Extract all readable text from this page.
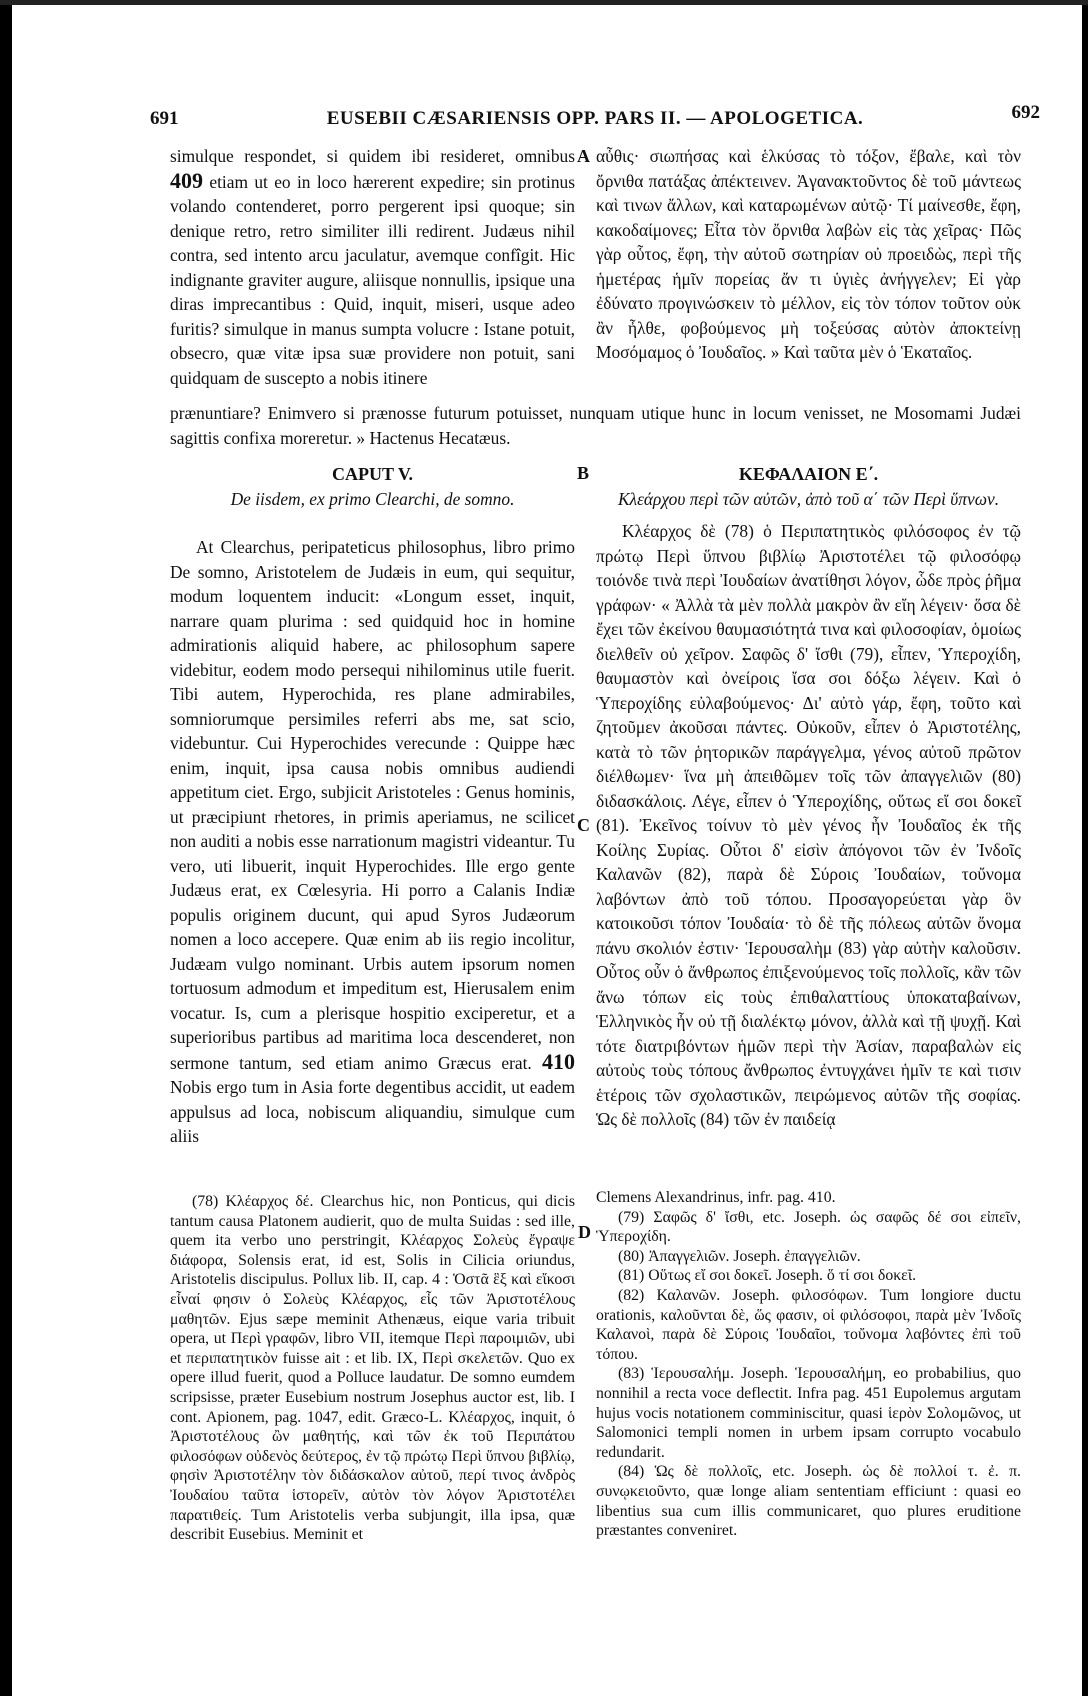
691	EUSEBII CÆSARIENSIS OPP. PARS II. — APOLOGETICA.	692
A
B
C
D

simulque respondet, si quidem ibi resideret, omnibus 409 etiam ut eo in loco hærerent expedire; sin protinus volando contenderet, porro pergerent ipsi quoque; sin denique retro, retro similiter illi redirent. Judæus nihil contra, sed intento arcu jaculatur, avemque confîgit. Hic indignante graviter augure, aliisque nonnullis, ipsique una diras imprecantibus : Quid, inquit, miseri, usque adeo furitis? simulque in manus sumpta volucre : Istane potuit, obsecro, quæ vitæ ipsa suæ providere non potuit, sani quidquam de suscepto a nobis itinere

αὖθις· σιωπήσας καὶ ἑλκύσας τὸ τόξον, ἔβαλε, καὶ τὸν ὄρνιθα πατάξας ἀπέκτεινεν. Ἀγανακτοῦντος δὲ τοῦ μάντεως καὶ τινων ἄλλων, καὶ καταρωμένων αὐτῷ· Τί μαίνεσθε, ἔφη, κακοδαίμονες; Εἶτα τὸν ὄρνιθα λαβὼν εἰς τὰς χεῖρας· Πῶς γὰρ οὗτος, ἔφη, τὴν αὐτοῦ σωτηρίαν οὐ προειδὼς, περὶ τῆς ἡμετέρας ἡμῖν πορείας ἄν τι ὑγιὲς ἀνήγγελεν; Εἰ γὰρ ἐδύνατο προγινώσκειν τὸ μέλλον, εἰς τὸν τόπον τοῦτον οὐκ ἂν ἦλθε, φοβούμενος μὴ τοξεύσας αὐτὸν ἀποκτείνῃ Μοσόμαμος ὁ Ἰουδαῖος. » Καὶ ταῦτα μὲν ὁ Ἑκαταῖος.

prænuntiare? Enimvero si prænosse futurum potuisset, nunquam utique hunc in locum venisset, ne Mosomami Judæi sagittis confixa moreretur. » Hactenus Hecatæus.

CAPUT V.

De iisdem, ex primo Clearchi, de somno.

At Clearchus, peripateticus philosophus, libro primo De somno, Aristotelem de Judæis in eum, qui sequitur, modum loquentem inducit: «Longum esset, inquit, narrare quam plurima : sed quidquid hoc in homine admirationis aliquid habere, ac philosophum sapere videbitur, eodem modo persequi nihilominus utile fuerit. Tibi autem, Hyperochida, res plane admirabiles, somniorumque persimiles referri abs me, sat scio, videbuntur. Cui Hyperochides verecunde : Quippe hæc enim, inquit, ipsa causa nobis omnibus audiendi appetitum ciet. Ergo, subjicit Aristoteles : Genus hominis, ut præcipiunt rhetores, in primis aperiamus, ne scilicet non auditi a nobis esse narrationum magistri videantur. Tu vero, uti libuerit, inquit Hyperochides. Ille ergo gente Judæus erat, ex Cœlesyria. Hi porro a Calanis Indiæ populis originem ducunt, qui apud Syros Judæorum nomen a loco accepere. Quæ enim ab iis regio incolitur, Judæam vulgo nominant. Urbis autem ipsorum nomen tortuosum admodum et impeditum est, Hierusalem enim vocatur. Is, cum a plerisque hospitio exciperetur, et a superioribus partibus ad maritima loca descenderet, non sermone tantum, sed etiam animo Græcus erat. 410 Nobis ergo tum in Asia forte degentibus accidit, ut eadem appulsus ad loca, nobiscum aliquandiu, simulque cum aliis

ΚΕΦΑΛΑΙΟΝ Ε΄.

Κλεάρχου περὶ τῶν αὐτῶν, ἀπὸ τοῦ α΄ τῶν Περὶ ὕπνων.

Κλέαρχος δὲ (78) ὁ Περιπατητικὸς φιλόσοφος ἐν τῷ πρώτῳ Περὶ ὕπνου βιβλίῳ Ἀριστοτέλει τῷ φιλοσόφῳ τοιόνδε τινὰ περὶ Ἰουδαίων ἀνατίθησι λόγον, ὧδε πρὸς ῥῆμα γράφων· « Ἀλλὰ τὰ μὲν πολλὰ μακρὸν ἂν εἴη λέγειν· ὅσα δὲ ἔχει τῶν ἐκείνου θαυμασιότητά τινα καὶ φιλοσοφίαν, ὁμοίως διελθεῖν οὐ χεῖρον. Σαφῶς δ' ἴσθι (79), εἶπεν, Ὑπεροχίδη, θαυμαστὸν καὶ ὀνείροις ἴσα σοι δόξω λέγειν. Καὶ ὁ Ὑπεροχίδης εὐλαβούμενος· Δι' αὐτὸ γάρ, ἔφη, τοῦτο καὶ ζητοῦμεν ἀκοῦσαι πάντες. Οὐκοῦν, εἶπεν ὁ Ἀριστοτέλης, κατὰ τὸ τῶν ῥητορικῶν παράγγελμα, γένος αὐτοῦ πρῶτον διέλθωμεν· ἵνα μὴ ἀπειθῶμεν τοῖς τῶν ἀπαγγελιῶν (80) διδασκάλοις. Λέγε, εἶπεν ὁ Ὑπεροχίδης, οὕτως εἴ σοι δοκεῖ (81). Ἐκεῖνος τοίνυν τὸ μὲν γένος ἦν Ἰουδαῖος ἐκ τῆς Κοίλης Συρίας. Οὗτοι δ' εἰσὶν ἀπόγονοι τῶν ἐν Ἰνδοῖς Καλανῶν (82), παρὰ δὲ Σύροις Ἰουδαίων, τοὔνομα λαβόντων ἀπὸ τοῦ τόπου. Προσαγορεύεται γὰρ ὃν κατοικοῦσι τόπον Ἰουδαία· τὸ δὲ τῆς πόλεως αὐτῶν ὄνομα πάνυ σκολιόν ἐστιν· Ἱερουσαλὴμ (83) γὰρ αὐτὴν καλοῦσιν. Οὗτος οὖν ὁ ἄνθρωπος ἐπιξενούμενος τοῖς πολλοῖς, κἂν τῶν ἄνω τόπων εἰς τοὺς ἐπιθαλαττίους ὑποκαταβαίνων, Ἑλληνικὸς ἦν οὐ τῇ διαλέκτῳ μόνον, ἀλλὰ καὶ τῇ ψυχῇ. Καὶ τότε διατριβόντων ἡμῶν περὶ τὴν Ἀσίαν, παραβαλὼν εἰς αὐτοὺς τοὺς τόπους ἄνθρωπος ἐντυγχάνει ἡμῖν τε καὶ τισιν ἑτέροις τῶν σχολαστικῶν, πειρώμενος αὐτῶν τῆς σοφίας. Ὡς δὲ πολλοῖς (84) τῶν ἐν παιδείᾳ

(78) Κλέαρχος δέ. Clearchus hic, non Ponticus, qui dicis tantum causa Platonem audierit, quo de multa Suidas : sed ille, quem ita verbo uno perstringit, Κλέαρχος Σολεὺς ἔγραψε διάφορα, Solensis erat, id est, Solis in Cilicia oriundus, Aristotelis discipulus. Pollux lib. II, cap. 4 : Ὁστᾶ ἓξ καὶ εἴκοσι εἶναί φησιν ὁ Σολεὺς Κλέαρχος, εἷς τῶν Ἀριστοτέλους μαθητῶν. Ejus sæpe meminit Athenæus, eique varia tribuit opera, ut Περὶ γραφῶν, libro VII, itemque Περὶ παροιμιῶν, ubi et περιπατητικὸν fuisse ait : et lib. IX, Περὶ σκελετῶν. Quo ex opere illud fuerit, quod a Polluce laudatur. De somno eumdem scripsisse, præter Eusebium nostrum Josephus auctor est, lib. I cont. Apionem, pag. 1047, edit. Græco-L. Κλέαρχος, inquit, ὁ Ἀριστοτέλους ὢν μαθητής, καὶ τῶν ἐκ τοῦ Περιπάτου φιλοσόφων οὐδενὸς δεύτερος, ἐν τῷ πρώτῳ Περὶ ὕπνου βιβλίῳ, φησὶν Ἀριστοτέλην τὸν διδάσκαλον αὐτοῦ, περί τινος ἀνδρὸς Ἰουδαίου ταῦτα ἱστορεῖν, αὐτὸν τὸν λόγον Ἀριστοτέλει παρατιθείς. Tum Aristotelis verba subjungit, illa ipsa, quæ describit Eusebius. Meminit et

Clemens Alexandrinus, infr. pag. 410.

(79) Σαφῶς δ' ἴσθι, etc. Joseph. ὡς σαφῶς δέ σοι εἰπεῖν, Ὑπεροχίδη.

(80) Ἀπαγγελιῶν. Joseph. ἐπαγγελιῶν.

(81) Οὕτως εἴ σοι δοκεῖ. Joseph. ὅ τί σοι δοκεῖ.

(82) Καλανῶν. Joseph. φιλοσόφων. Tum longiore ductu orationis, καλοῦνται δὲ, ὥς φασιν, οἱ φιλόσοφοι, παρὰ μὲν Ἰνδοῖς Καλανοὶ, παρὰ δὲ Σύροις Ἰουδαῖοι, τοὔνομα λαβόντες ἐπὶ τοῦ τόπου.

(83) Ἱερουσαλήμ. Joseph. Ἱερουσαλήμη, eo probabilius, quo nonnihil a recta voce deflectit. Infra pag. 451 Eupolemus argutam hujus vocis notationem comminiscitur, quasi ἱερὸν Σολομῶνος, ut Salomonici templi nomen in urbem ipsam corrupto vocabulo redundarit.

(84) Ὡς δὲ πολλοῖς, etc. Joseph. ὡς δὲ πολλοί τ. ἐ. π. συνῳκειοῦντο, quæ longe aliam sententiam efficiunt : quasi eo libentius sua cum illis communicaret, quo plures eruditione præstantes conveniret.
